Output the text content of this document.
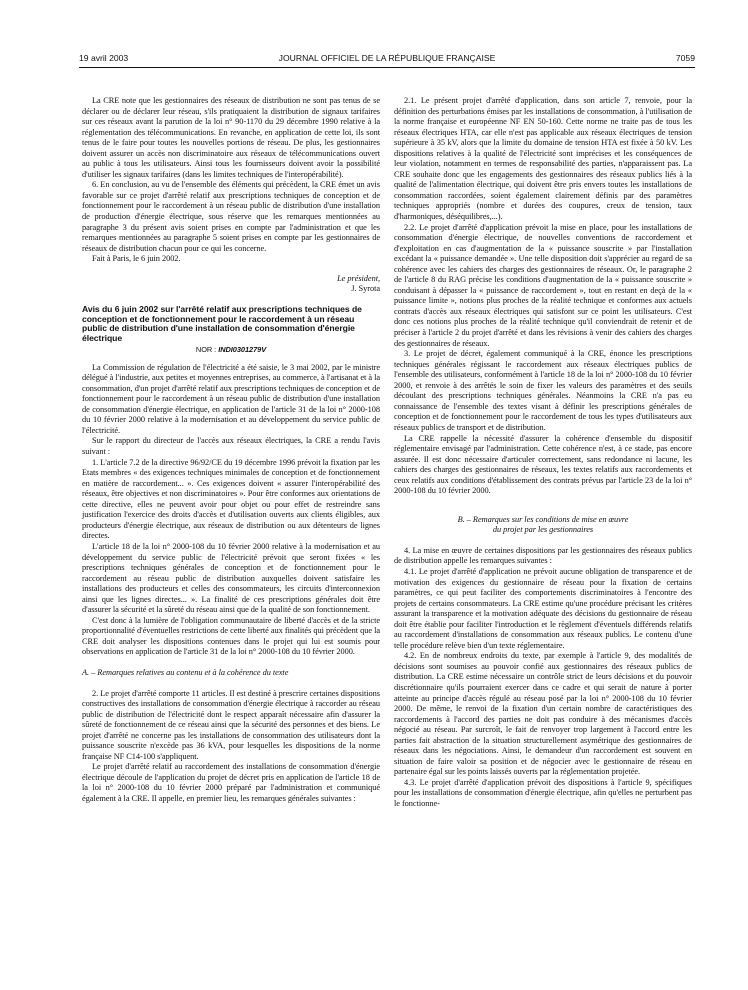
19 avril 2003	JOURNAL OFFICIEL DE LA RÉPUBLIQUE FRANÇAISE	7059

La CRE note que les gestionnaires des réseaux de distribution ne sont pas tenus de se déclarer ou de déclarer leur réseau, s'ils pratiquaient la distribution de signaux tarifaires sur ces réseaux avant la parution de la loi n° 90-1170 du 29 décembre 1990 relative à la réglementation des télécommunications. En revanche, en application de cette loi, ils sont tenus de le faire pour toutes les nouvelles portions de réseau. De plus, les gestionnaires doivent assurer un accès non discriminatoire aux réseaux de télécommunications ouvert au public à tous les utilisateurs. Ainsi tous les fournisseurs doivent avoir la possibilité d'utiliser les signaux tarifaires (dans les limites techniques de l'interopérabilité).

6. En conclusion, au vu de l'ensemble des éléments qui précèdent, la CRE émet un avis favorable sur ce projet d'arrêté relatif aux prescriptions techniques de conception et de fonctionnement pour le raccordement à un réseau public de distribution d'une installation de production d'énergie électrique, sous réserve que les remarques mentionnées au paragraphe 3 du présent avis soient prises en compte par l'administration et que les remarques mentionnées au paragraphe 5 soient prises en compte par les gestionnaires de réseaux de distribution chacun pour ce qui les concerne.

Fait à Paris, le 6 juin 2002.

Le président,

J. Syrota

Avis du 6 juin 2002 sur l'arrêté relatif aux prescriptions techniques de conception et de fonctionnement pour le raccordement à un réseau public de distribution d'une installation de consommation d'énergie électrique

NOR : INDI0301279V

La Commission de régulation de l'électricité a été saisie, le 3 mai 2002, par le ministre délégué à l'industrie, aux petites et moyennes entreprises, au commerce, à l'artisanat et à la consommation, d'un projet d'arrêté relatif aux prescriptions techniques de conception et de fonctionnement pour le raccordement à un réseau public de distribution d'une installation de consommation d'énergie électrique, en application de l'article 31 de la loi n° 2000-108 du 10 février 2000 relative à la modernisation et au développement du service public de l'électricité.

Sur le rapport du directeur de l'accès aux réseaux électriques, la CRE a rendu l'avis suivant :

1. L'article 7.2 de la directive 96/92/CE du 19 décembre 1996 prévoit la fixation par les Etats membres « des exigences techniques minimales de conception et de fonctionnement en matière de raccordement... ». Ces exigences doivent « assurer l'interopérabilité des réseaux, être objectives et non discriminatoires ». Pour être conformes aux orientations de cette directive, elles ne peuvent avoir pour objet ou pour effet de restreindre sans justification l'exercice des droits d'accès et d'utilisation ouverts aux clients éligibles, aux producteurs d'énergie électrique, aux réseaux de distribution ou aux détenteurs de lignes directes.

L'article 18 de la loi n° 2000-108 du 10 février 2000 relative à la modernisation et au développement du service public de l'électricité prévoit que seront fixées « les prescriptions techniques générales de conception et de fonctionnement pour le raccordement au réseau public de distribution auxquelles doivent satisfaire les installations des producteurs et celles des consommateurs, les circuits d'interconnexion ainsi que les lignes directes... ». La finalité de ces prescriptions générales doit être d'assurer la sécurité et la sûreté du réseau ainsi que de la qualité de son fonctionnement.

C'est donc à la lumière de l'obligation communautaire de liberté d'accès et de la stricte proportionnalité d'éventuelles restrictions de cette liberté aux finalités qui précèdent que la CRE doit analyser les dispositions contenues dans le projet qui lui est soumis pour observations en application de l'article 31 de la loi n° 2000-108 du 10 février 2000.

A. – Remarques relatives au contenu et à la cohérence du texte

2. Le projet d'arrêté comporte 11 articles. Il est destiné à prescrire certaines dispositions constructives des installations de consommation d'énergie électrique à raccorder au réseau public de distribution de l'électricité dont le respect apparaît nécessaire afin d'assurer la sûreté de fonctionnement de ce réseau ainsi que la sécurité des personnes et des biens. Le projet d'arrêté ne concerne pas les installations de consommation des utilisateurs dont la puissance souscrite n'excède pas 36 kVA, pour lesquelles les dispositions de la norme française NF C14-100 s'appliquent.

Le projet d'arrêté relatif au raccordement des installations de consommation d'énergie électrique découle de l'application du projet de décret pris en application de l'article 18 de la loi n° 2000-108 du 10 février 2000 préparé par l'administration et communiqué également à la CRE. Il appelle, en premier lieu, les remarques générales suivantes :

2.1. Le présent projet d'arrêté d'application, dans son article 7, renvoie, pour la définition des perturbations émises par les installations de consommation, à l'utilisation de la norme française et européenne NF EN 50-160. Cette norme ne traite pas de tous les réseaux électriques HTA, car elle n'est pas applicable aux réseaux électriques de tension supérieure à 35 kV, alors que la limite du domaine de tension HTA est fixée à 50 kV. Les dispositions relatives à la qualité de l'électricité sont imprécises et les conséquences de leur violation, notamment en termes de responsabilité des parties, n'apparaissent pas. La CRE souhaite donc que les engagements des gestionnaires des réseaux publics liés à la qualité de l'alimentation électrique, qui doivent être pris envers toutes les installations de consommation raccordées, soient également clairement définis par des paramètres techniques appropriés (nombre et durées des coupures, creux de tension, taux d'harmoniques, déséquilibres,...).

2.2. Le projet d'arrêté d'application prévoit la mise en place, pour les installations de consommation d'énergie électrique, de nouvelles conventions de raccordement et d'exploitation en cas d'augmentation de la « puissance souscrite » par l'installation excédant la « puissance demandée ». Une telle disposition doit s'apprécier au regard de sa cohérence avec les cahiers des charges des gestionnaires de réseaux. Or, le paragraphe 2 de l'article 8 du RAG précise les conditions d'augmentation de la « puissance souscrite » conduisant à dépasser la « puissance de raccordement », tout en restant en deçà de la « puissance limite », notions plus proches de la réalité technique et conformes aux actuels contrats d'accès aux réseaux électriques qui satisfont sur ce point les utilisateurs. C'est donc ces notions plus proches de la réalité technique qu'il conviendrait de retenir et de préciser à l'article 2 du projet d'arrêté et dans les révisions à venir des cahiers des charges des gestionnaires de réseaux.

3. Le projet de décret, également communiqué à la CRE, énonce les prescriptions techniques générales régissant le raccordement aux réseaux électriques publics de l'ensemble des utilisateurs, conformément à l'article 18 de la loi n° 2000-108 du 10 février 2000, et renvoie à des arrêtés le soin de fixer les valeurs des paramètres et des seuils découlant des prescriptions techniques générales. Néanmoins la CRE n'a pas eu connaissance de l'ensemble des textes visant à définir les prescriptions générales de conception et de fonctionnement pour le raccordement de tous les types d'utilisateurs aux réseaux publics de transport et de distribution.

La CRE rappelle la nécessité d'assurer la cohérence d'ensemble du dispositif réglementaire envisagé par l'administration. Cette cohérence n'est, à ce stade, pas encore assurée. Il est donc nécessaire d'articuler correctement, sans redondance ni lacune, les cahiers des charges des gestionnaires de réseaux, les textes relatifs aux raccordements et ceux relatifs aux conditions d'établissement des contrats prévus par l'article 23 de la loi n° 2000-108 du 10 février 2000.

B. – Remarques sur les conditions de mise en œuvre

du projet par les gestionnaires

4. La mise en œuvre de certaines dispositions par les gestionnaires des réseaux publics de distribution appelle les remarques suivantes :

4.1. Le projet d'arrêté d'application ne prévoit aucune obligation de transparence et de motivation des exigences du gestionnaire de réseau pour la fixation de certains paramètres, ce qui peut faciliter des comportements discriminatoires à l'encontre des projets de certains consommateurs. La CRE estime qu'une procédure précisant les critères assurant la transparence et la motivation adéquate des décisions du gestionnaire de réseau doit être établie pour faciliter l'introduction et le règlement d'éventuels différends relatifs au raccordement d'installations de consommation aux réseaux publics. Le contenu d'une telle procédure relève bien d'un texte réglementaire.

4.2. En de nombreux endroits du texte, par exemple à l'article 9, des modalités de décisions sont soumises au pouvoir confié aux gestionnaires des réseaux publics de distribution. La CRE estime nécessaire un contrôle strict de leurs décisions et du pouvoir discrétionnaire qu'ils pourraient exercer dans ce cadre et qui serait de nature à porter atteinte au principe d'accès régulé au réseau posé par la loi n° 2000-108 du 10 février 2000. De même, le renvoi de la fixation d'un certain nombre de caractéristiques des raccordements à l'accord des parties ne doit pas conduire à des mécanismes d'accès négocié au réseau. Par surcroît, le fait de renvoyer trop largement à l'accord entre les parties fait abstraction de la situation structurellement asymétrique des gestionnaires de réseaux dans les négociations. Ainsi, le demandeur d'un raccordement est souvent en situation de faire valoir sa position et de négocier avec le gestionnaire de réseau en partenaire égal sur les points laissés ouverts par la réglementation projetée.

4.3. Le projet d'arrêté d'application prévoit des dispositions à l'article 9, spécifiques pour les installations de consommation d'énergie électrique, afin qu'elles ne perturbent pas le fonctionne-
